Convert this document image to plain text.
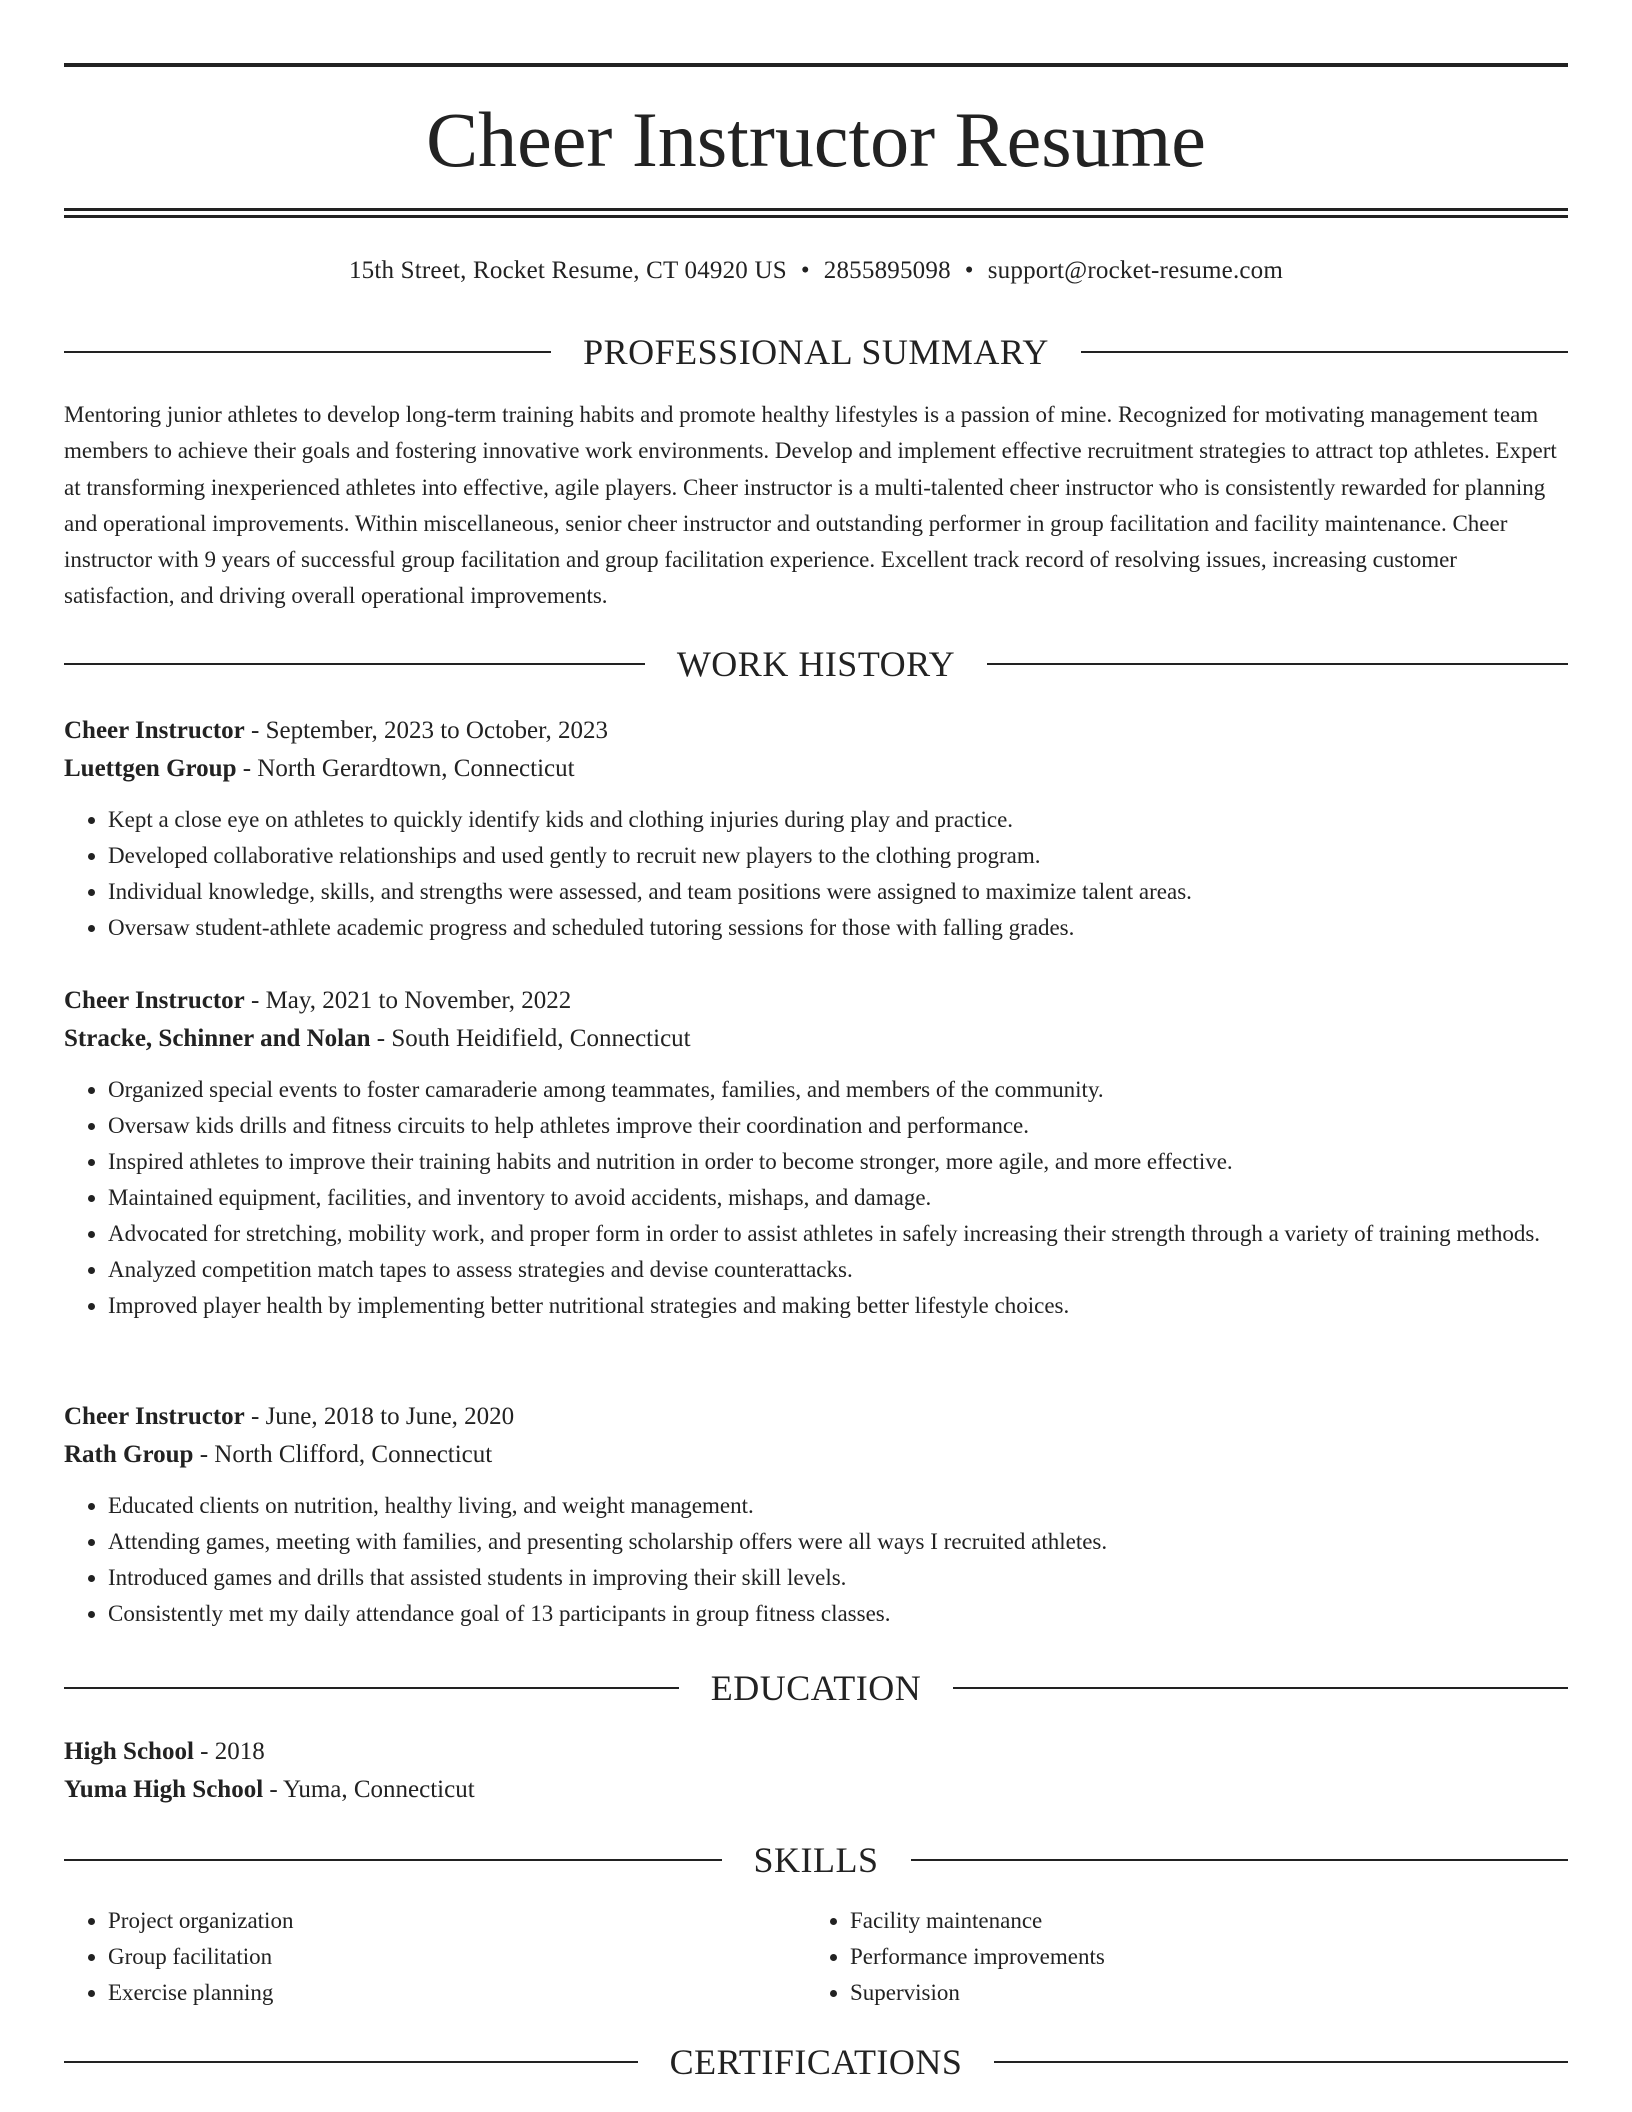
Cheer Instructor Resume
15th Street, Rocket Resume, CT 04920 US • 2855895098 • support@rocket-resume.com
PROFESSIONAL SUMMARY

Mentoring junior athletes to develop long-term training habits and promote healthy lifestyles is a passion of mine. Recognized for motivating management team members to achieve their goals and fostering innovative work environments. Develop and implement effective recruitment strategies to attract top athletes. Expert at transforming inexperienced athletes into effective, agile players. Cheer instructor is a multi-talented cheer instructor who is consistently rewarded for planning and operational improvements. Within miscellaneous, senior cheer instructor and outstanding performer in group facilitation and facility maintenance. Cheer instructor with 9 years of successful group facilitation and group facilitation experience. Excellent track record of resolving issues, increasing customer satisfaction, and driving overall operational improvements.

WORK HISTORY
Cheer Instructor - September, 2023 to October, 2023
Luettgen Group - North Gerardtown, Connecticut
• Kept a close eye on athletes to quickly identify kids and clothing injuries during play and practice.
• Developed collaborative relationships and used gently to recruit new players to the clothing program.
• Individual knowledge, skills, and strengths were assessed, and team positions were assigned to maximize talent areas.
• Oversaw student-athlete academic progress and scheduled tutoring sessions for those with falling grades.
Cheer Instructor - May, 2021 to November, 2022
Stracke, Schinner and Nolan - South Heidifield, Connecticut
• Organized special events to foster camaraderie among teammates, families, and members of the community.
• Oversaw kids drills and fitness circuits to help athletes improve their coordination and performance.
• Inspired athletes to improve their training habits and nutrition in order to become stronger, more agile, and more effective.
• Maintained equipment, facilities, and inventory to avoid accidents, mishaps, and damage.
• Advocated for stretching, mobility work, and proper form in order to assist athletes in safely increasing their strength through a variety of training methods.
• Analyzed competition match tapes to assess strategies and devise counterattacks.
• Improved player health by implementing better nutritional strategies and making better lifestyle choices.
Cheer Instructor - June, 2018 to June, 2020
Rath Group - North Clifford, Connecticut
• Educated clients on nutrition, healthy living, and weight management.
• Attending games, meeting with families, and presenting scholarship offers were all ways I recruited athletes.
• Introduced games and drills that assisted students in improving their skill levels.
• Consistently met my daily attendance goal of 13 participants in group fitness classes.
EDUCATION
High School - 2018
Yuma High School - Yuma, Connecticut
SKILLS
• Project organization
• Group facilitation
• Exercise planning
• Facility maintenance
• Performance improvements
• Supervision
CERTIFICATIONS
